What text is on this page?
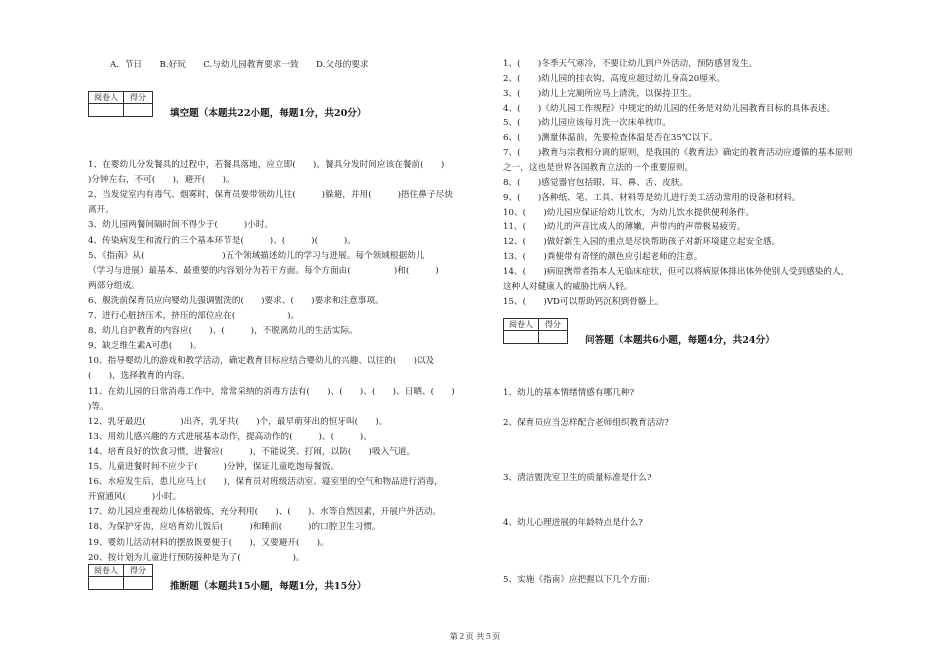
A．节日　　B.好玩　　C.与幼儿园教育要求一致　　D.父母的要求
阅卷人	得分

填空题（本题共22小题，每题1分，共20分）
1、在婴幼儿分发餐具的过程中，若餐具落地，应立即(　　)。餐具分发时间应该在餐前(　　)
)分钟左右，不可(　　)，避开(　　)。
2、当发觉室内有毒气、烟雾时，保育员要带领幼儿往(　　　)躲避，并用(　　　)捂住鼻子尽快
离开。
3、幼儿园两餐间隔时间不得少于(　　　)小时。
4、传染病发生和流行的三个基本环节是(　　　)、(　　　)(　　　)。
5、《指南》从(　　　　　　　　　)五个领域描述幼儿的学习与进展。每个领域根据幼儿
（学习与进展）最基本、最重要的内容划分为若干方面。每个方面由(　　　　　)和(　　　)
两部分组成。
6、舰洗前保育员应向婴幼儿强调盥洗的(　　)要求、(　　)要求和注意事项。
7、进行心脏挤压术，挤压的部位应在(　　　　　　)。
8、幼儿自护教育的内容应(　　)、(　　　)，不脱离幼儿的生活实际。
9、缺乏维生素A可患(　　)。
10、指导婴幼儿的游戏和教学活动，确定教育目标应结合婴幼儿的兴趣、以往的(　　)以及
(　　)，选择教育的内容。
11、在幼儿园的日常消毒工作中，常常采纳的消毒方法有(　　)、(　　)、(　　)、日晒、(　　)
)等。
12、乳牙最迟(　　　　)出齐，乳牙共(　　)个，最早萌芽出的恒牙叫(　　)。
13、用幼儿感兴趣的方式进展基本动作，提高动作的(　　　)、(　　　)。
14、培育良好的饮食习惯，进餐应(　　　)，不能说笑、打闹，以防(　　)吸入气道。
15、儿童进餐时间不应少于(　　　)分钟，保证儿童吃饱每餐饭。
16、水痘发生后，患儿应马上(　　)，保育员对班级活动室、寝室里的空气和物品进行消毒，
开窗通风(　　　)小时。
17、幼儿园应重视幼儿体格锻炼，充分利用(　　)、(　　)、水等自然因素，开展户外活动。
18、为保护牙齿，应培育幼儿饭后(　　　)和睡前(　　　)的口腔卫生习惯。
19、婴幼儿活动材料的摆放既要便于(　　)，又要避开(　　)。
20、按计划为儿童进行预防接种是为了(　　　　　　)。
阅卷人	得分

推断题（本题共15小题，每题1分，共15分）
1、(　　)冬季天气寒冷，不要让幼儿到户外活动，预防感冒发生。
2、(　　)幼儿园的挂衣钩，高度应超过幼儿身高20厘米。
3、(　　)幼儿上完厕所应马上清洗，以保持卫生。
4、(　　)《幼儿园工作规程》中规定的幼儿园的任务是对幼儿园教育目标的具体表述。
5、(　　)幼儿园应该每月洗一次床单枕巾。
6、(　　)测量体温前，先要检查体温是否在35℃以下。
7、(　　)教育与宗教相分离的原则，是我国的《教育法》确定的教育活动应遵循的基本原则
之一，这也是世界各国教育立法的一个重要原则。
8、(　　)感觉器官包括眼、耳、鼻、舌、皮肤。
9、(　　)各种纸、笔、工具、材料等是幼儿进行美工活动常用的设备和材料。
10、(　　)幼儿园应保证给幼儿饮水，为幼儿饮水提供便利条件。
11、(　　)幼儿的声音比成人的薄嫩，声带内的声带极易疲劳。
12、(　　)做好新生入园的重点是尽快帮助孩子对新环境建立起安全感。
13、(　　)粪便带有奇怪的颜色应引起老师的注意。
14、(　　)病原携带者指本人无临床症状，但可以将病原体排出体外使别人受到感染的人，
这种人对健康人的威胁比病人轻。
15、(　　)VD可以帮助钙沉积到骨骼上。
阅卷人	得分

问答题（本题共6小题，每题4分，共24分）
1、幼儿的基本情绪情感有哪几种?
2、保育员应当怎样配合老师组织教育活动?
3、清洁盥洗室卫生的质量标准是什么?
4、幼儿心理进展的年龄特点是什么?
5、实施《指南》应把握以下几个方面:
第２页 共５页
